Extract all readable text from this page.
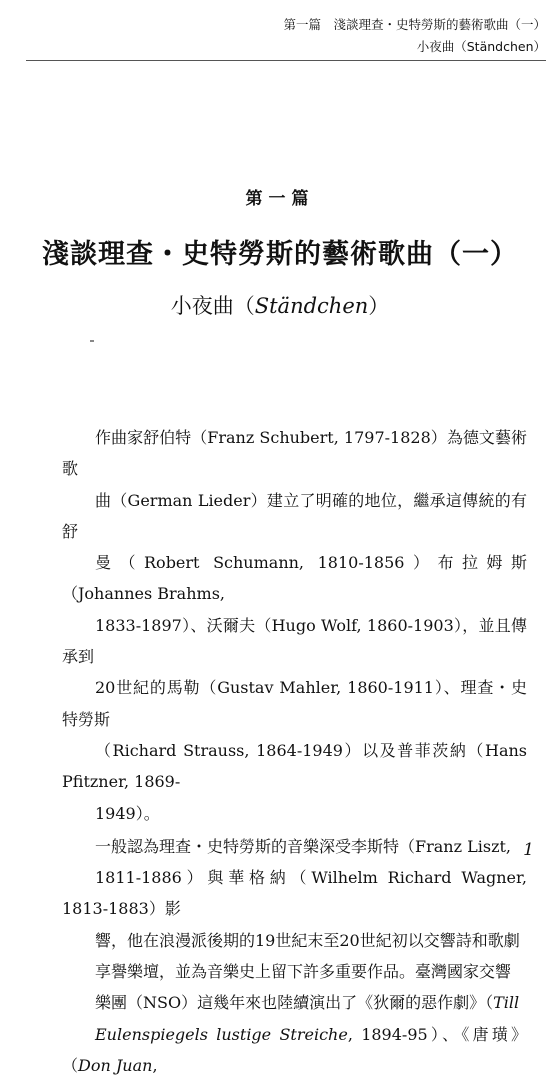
第一篇　淺談理查・史特勞斯的藝術歌曲（一）
小夜曲（Ständchen）
第一篇
淺談理查・史特勞斯的藝術歌曲（一）
小夜曲（Ständchen）

作曲家舒伯特（Franz Schubert, 1797-1828）為德文藝術歌
曲（German Lieder）建立了明確的地位，繼承這傳統的有舒
曼（Robert Schumann, 1810-1856）布拉姆斯（Johannes Brahms,
1833-1897）、沃爾夫（Hugo Wolf, 1860-1903），並且傳承到
20世紀的馬勒（Gustav Mahler, 1860-1911）、理查・史特勞斯
（Richard Strauss, 1864-1949）以及普菲茨納（Hans Pfitzner, 1869-
1949）。

一般認為理查・史特勞斯的音樂深受李斯特（Franz Liszt,
1811-1886）與華格納（Wilhelm Richard Wagner, 1813-1883）影
響，他在浪漫派後期的19世紀末至20世紀初以交響詩和歌劇
享譽樂壇，並為音樂史上留下許多重要作品。臺灣國家交響
樂團（NSO）這幾年來也陸續演出了《狄爾的惡作劇》（Till
Eulenspiegels lustige Streiche, 1894-95）、《唐璜》（Don Juan,

1
